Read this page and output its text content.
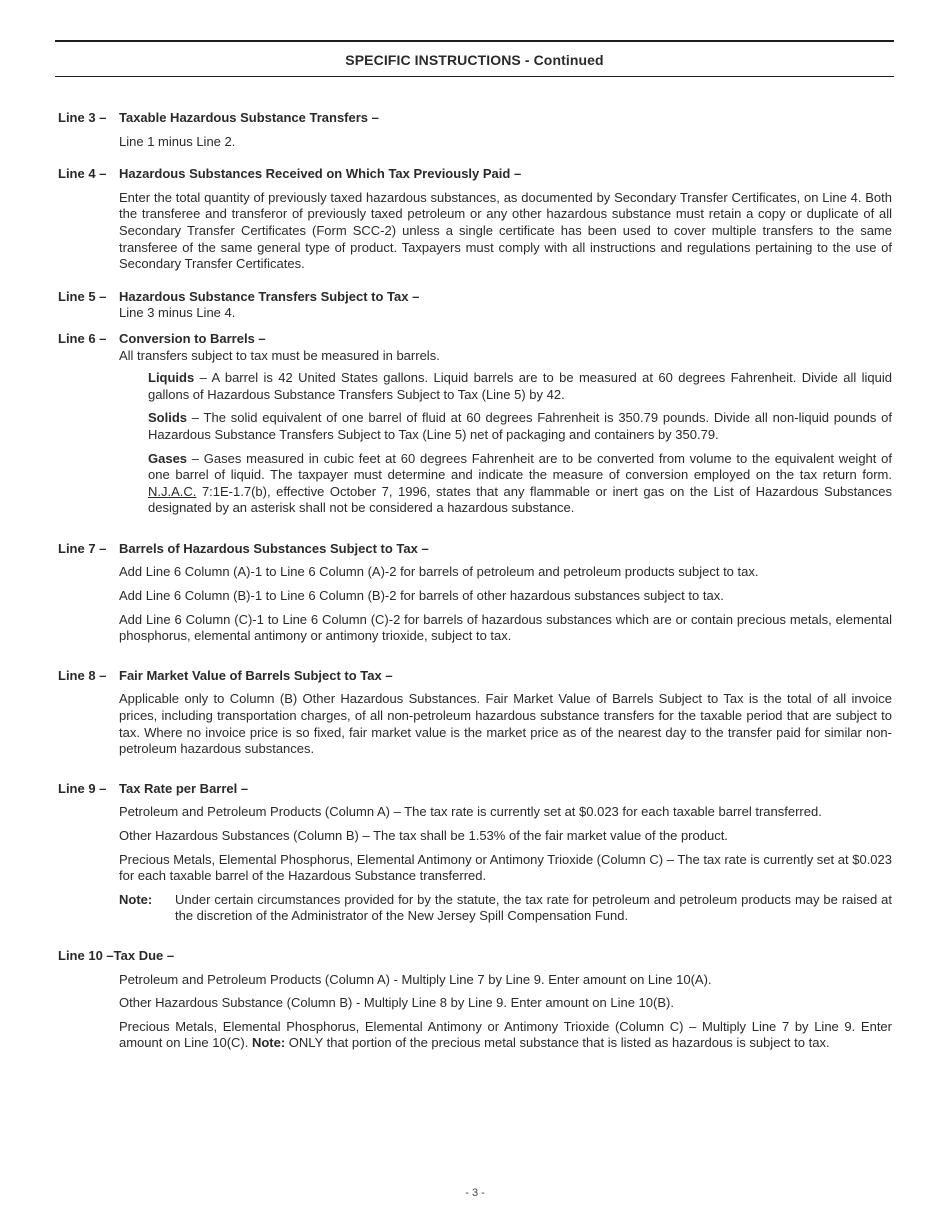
SPECIFIC INSTRUCTIONS - Continued
Line 3 – Taxable Hazardous Substance Transfers –

Line 1 minus Line 2.

Line 4 – Hazardous Substances Received on Which Tax Previously Paid –

Enter the total quantity of previously taxed hazardous substances, as documented by Secondary Transfer Certificates, on Line 4. Both the transferee and transferor of previously taxed petroleum or any other hazardous substance must retain a copy or duplicate of all Secondary Transfer Certificates (Form SCC-2) unless a single certificate has been used to cover multiple transfers to the same transferee of the same general type of product. Taxpayers must comply with all instructions and regulations pertaining to the use of Secondary Transfer Certificates.

Line 5 – Hazardous Substance Transfers Subject to Tax –

Line 3 minus Line 4.

Line 6 – Conversion to Barrels –

All transfers subject to tax must be measured in barrels.

Liquids – A barrel is 42 United States gallons. Liquid barrels are to be measured at 60 degrees Fahrenheit. Divide all liquid gallons of Hazardous Substance Transfers Subject to Tax (Line 5) by 42.

Solids – The solid equivalent of one barrel of fluid at 60 degrees Fahrenheit is 350.79 pounds. Divide all non-liquid pounds of Hazardous Substance Transfers Subject to Tax (Line 5) net of packaging and containers by 350.79.

Gases – Gases measured in cubic feet at 60 degrees Fahrenheit are to be converted from volume to the equivalent weight of one barrel of liquid. The taxpayer must determine and indicate the measure of conversion employed on the tax return form. N.J.A.C. 7:1E-1.7(b), effective October 7, 1996, states that any flammable or inert gas on the List of Hazardous Substances designated by an asterisk shall not be considered a hazardous substance.

Line 7 – Barrels of Hazardous Substances Subject to Tax –

Add Line 6 Column (A)-1 to Line 6 Column (A)-2 for barrels of petroleum and petroleum products subject to tax.

Add Line 6 Column (B)-1 to Line 6 Column (B)-2 for barrels of other hazardous substances subject to tax.

Add Line 6 Column (C)-1 to Line 6 Column (C)-2 for barrels of hazardous substances which are or contain precious metals, elemental phosphorus, elemental antimony or antimony trioxide, subject to tax.

Line 8 – Fair Market Value of Barrels Subject to Tax –

Applicable only to Column (B) Other Hazardous Substances. Fair Market Value of Barrels Subject to Tax is the total of all invoice prices, including transportation charges, of all non-petroleum hazardous substance transfers for the taxable period that are subject to tax. Where no invoice price is so fixed, fair market value is the market price as of the nearest day to the transfer paid for similar non-petroleum hazardous substances.

Line 9 – Tax Rate per Barrel –

Petroleum and Petroleum Products (Column A) – The tax rate is currently set at $0.023 for each taxable barrel transferred.

Other Hazardous Substances (Column B) – The tax shall be 1.53% of the fair market value of the product.

Precious Metals, Elemental Phosphorus, Elemental Antimony or Antimony Trioxide (Column C) – The tax rate is currently set at $0.023 for each taxable barrel of the Hazardous Substance transferred.

Note:	Under certain circumstances provided for by the statute, the tax rate for petroleum and petroleum products may be raised at the discretion of the Administrator of the New Jersey Spill Compensation Fund.
Line 10 – Tax Due –

Petroleum and Petroleum Products (Column A) - Multiply Line 7 by Line 9. Enter amount on Line 10(A).

Other Hazardous Substance (Column B) - Multiply Line 8 by Line 9. Enter amount on Line 10(B).

Precious Metals, Elemental Phosphorus, Elemental Antimony or Antimony Trioxide (Column C) – Multiply Line 7 by Line 9. Enter amount on Line 10(C). Note: ONLY that portion of the precious metal substance that is listed as hazardous is subject to tax.

- 3 -
